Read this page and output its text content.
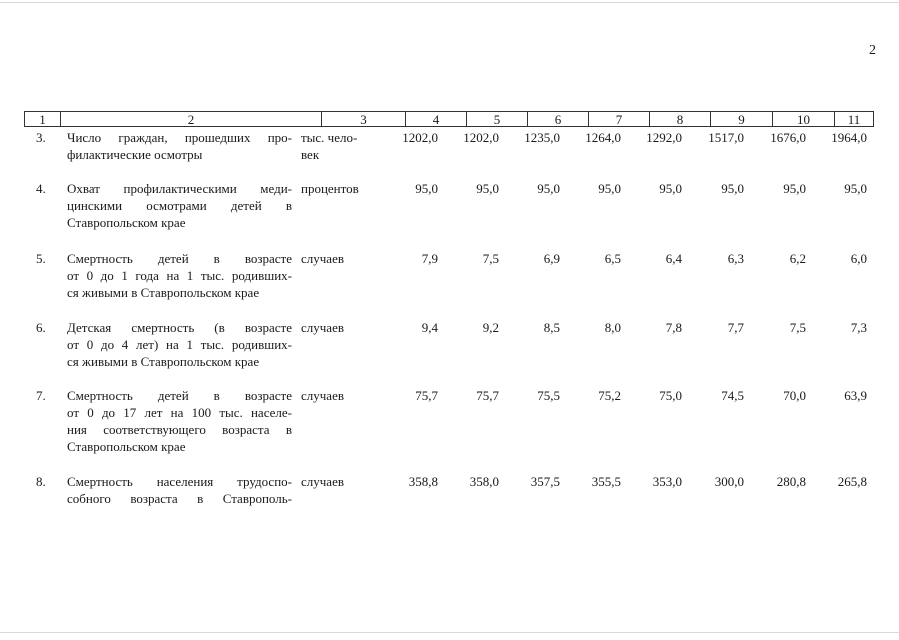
2
1	2	3	4	5	6	7	8	9	10	11
3. Число граждан, прошедших про-
филактические осмотры
тыс. чело-
век
1202,0 1202,0 1235,0 1264,0 1292,0 1517,0 1676,0 1964,0
4. Охват профилактическими меди-
цинскими осмотрами детей в
Ставропольском крае
процентов	95,0	95,0	95,0	95,0	95,0	95,0	95,0	95,0
5. Смертность детей в возрасте
от 0 до 1 года на 1 тыс. родивших-
ся живыми в Ставропольском крае
случаев	7,9	7,5	6,9	6,5	6,4	6,3	6,2	6,0
6. Детская смертность (в возрасте
от 0 до 4 лет) на 1 тыс. родивших-
ся живыми в Ставропольском крае
случаев	9,4	9,2	8,5	8,0	7,8	7,7	7,5	7,3
7. Смертность детей в возрасте
от 0 до 17 лет на 100 тыс. населе-
ния соответствующего возраста в
Ставропольском крае
случаев	75,7	75,7	75,5	75,2	75,0	74,5	70,0	63,9
8. Смертность населения трудоспо-
собного возраста в Ставрополь-
случаев	358,8 358,0 357,5 355,5 353,0	300,0	280,8 265,8
